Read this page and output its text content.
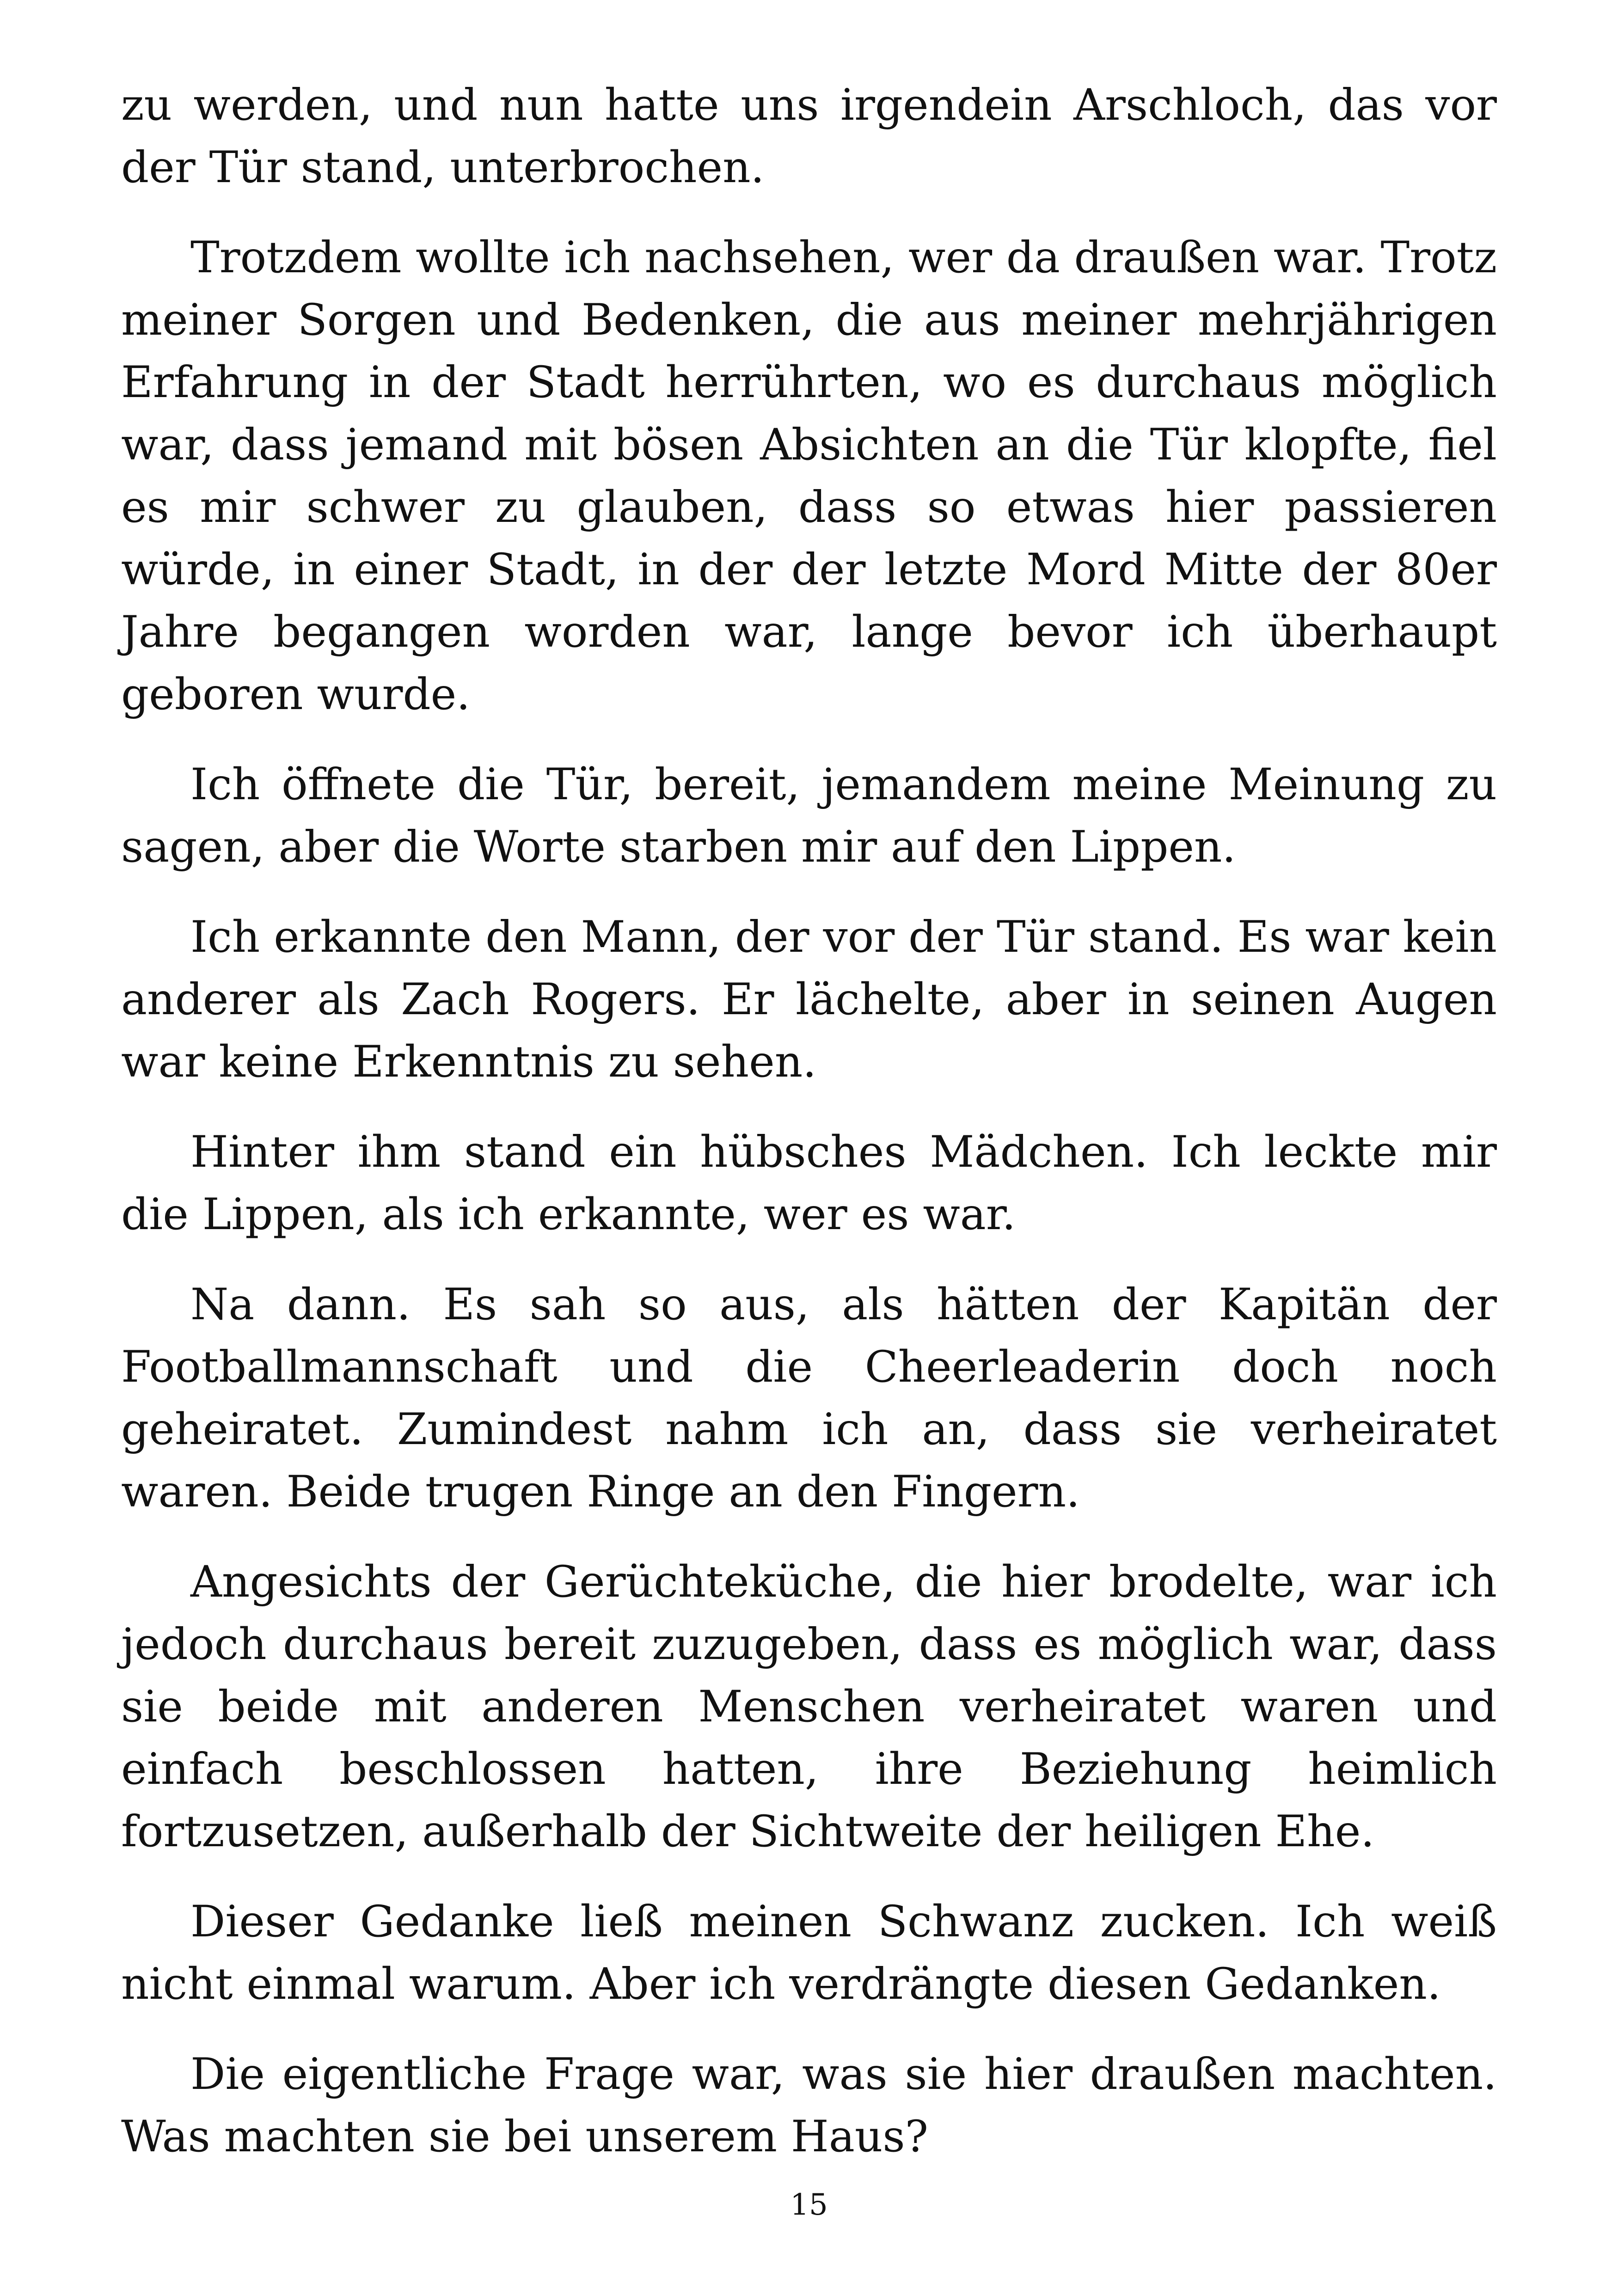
zu werden, und nun hatte uns irgendein Arschloch, das vor der Tür stand, unterbrochen.

Trotzdem wollte ich nachsehen, wer da draußen war. Trotz meiner Sorgen und Bedenken, die aus meiner mehrjährigen Erfahrung in der Stadt herrührten, wo es durchaus möglich war, dass jemand mit bösen Absichten an die Tür klopfte, fiel es mir schwer zu glauben, dass so etwas hier passieren würde, in einer Stadt, in der der letzte Mord Mitte der 80er Jahre begangen worden war, lange bevor ich überhaupt geboren wurde.

Ich öffnete die Tür, bereit, jemandem meine Meinung zu sagen, aber die Worte starben mir auf den Lippen.

Ich erkannte den Mann, der vor der Tür stand. Es war kein anderer als Zach Rogers. Er lächelte, aber in seinen Augen war keine Erkenntnis zu sehen.

Hinter ihm stand ein hübsches Mädchen. Ich leckte mir die Lippen, als ich erkannte, wer es war.

Na dann. Es sah so aus, als hätten der Kapitän der Footballmannschaft und die Cheerleaderin doch noch geheiratet. Zumindest nahm ich an, dass sie verheiratet waren. Beide trugen Ringe an den Fingern.

Angesichts der Gerüchteküche, die hier brodelte, war ich jedoch durchaus bereit zuzugeben, dass es möglich war, dass sie beide mit anderen Menschen verheiratet waren und einfach beschlossen hatten, ihre Beziehung heimlich fortzusetzen, außerhalb der Sichtweite der heiligen Ehe.

Dieser Gedanke ließ meinen Schwanz zucken. Ich weiß nicht einmal warum. Aber ich verdrängte diesen Gedanken.

Die eigentliche Frage war, was sie hier draußen machten. Was machten sie bei unserem Haus?

15
